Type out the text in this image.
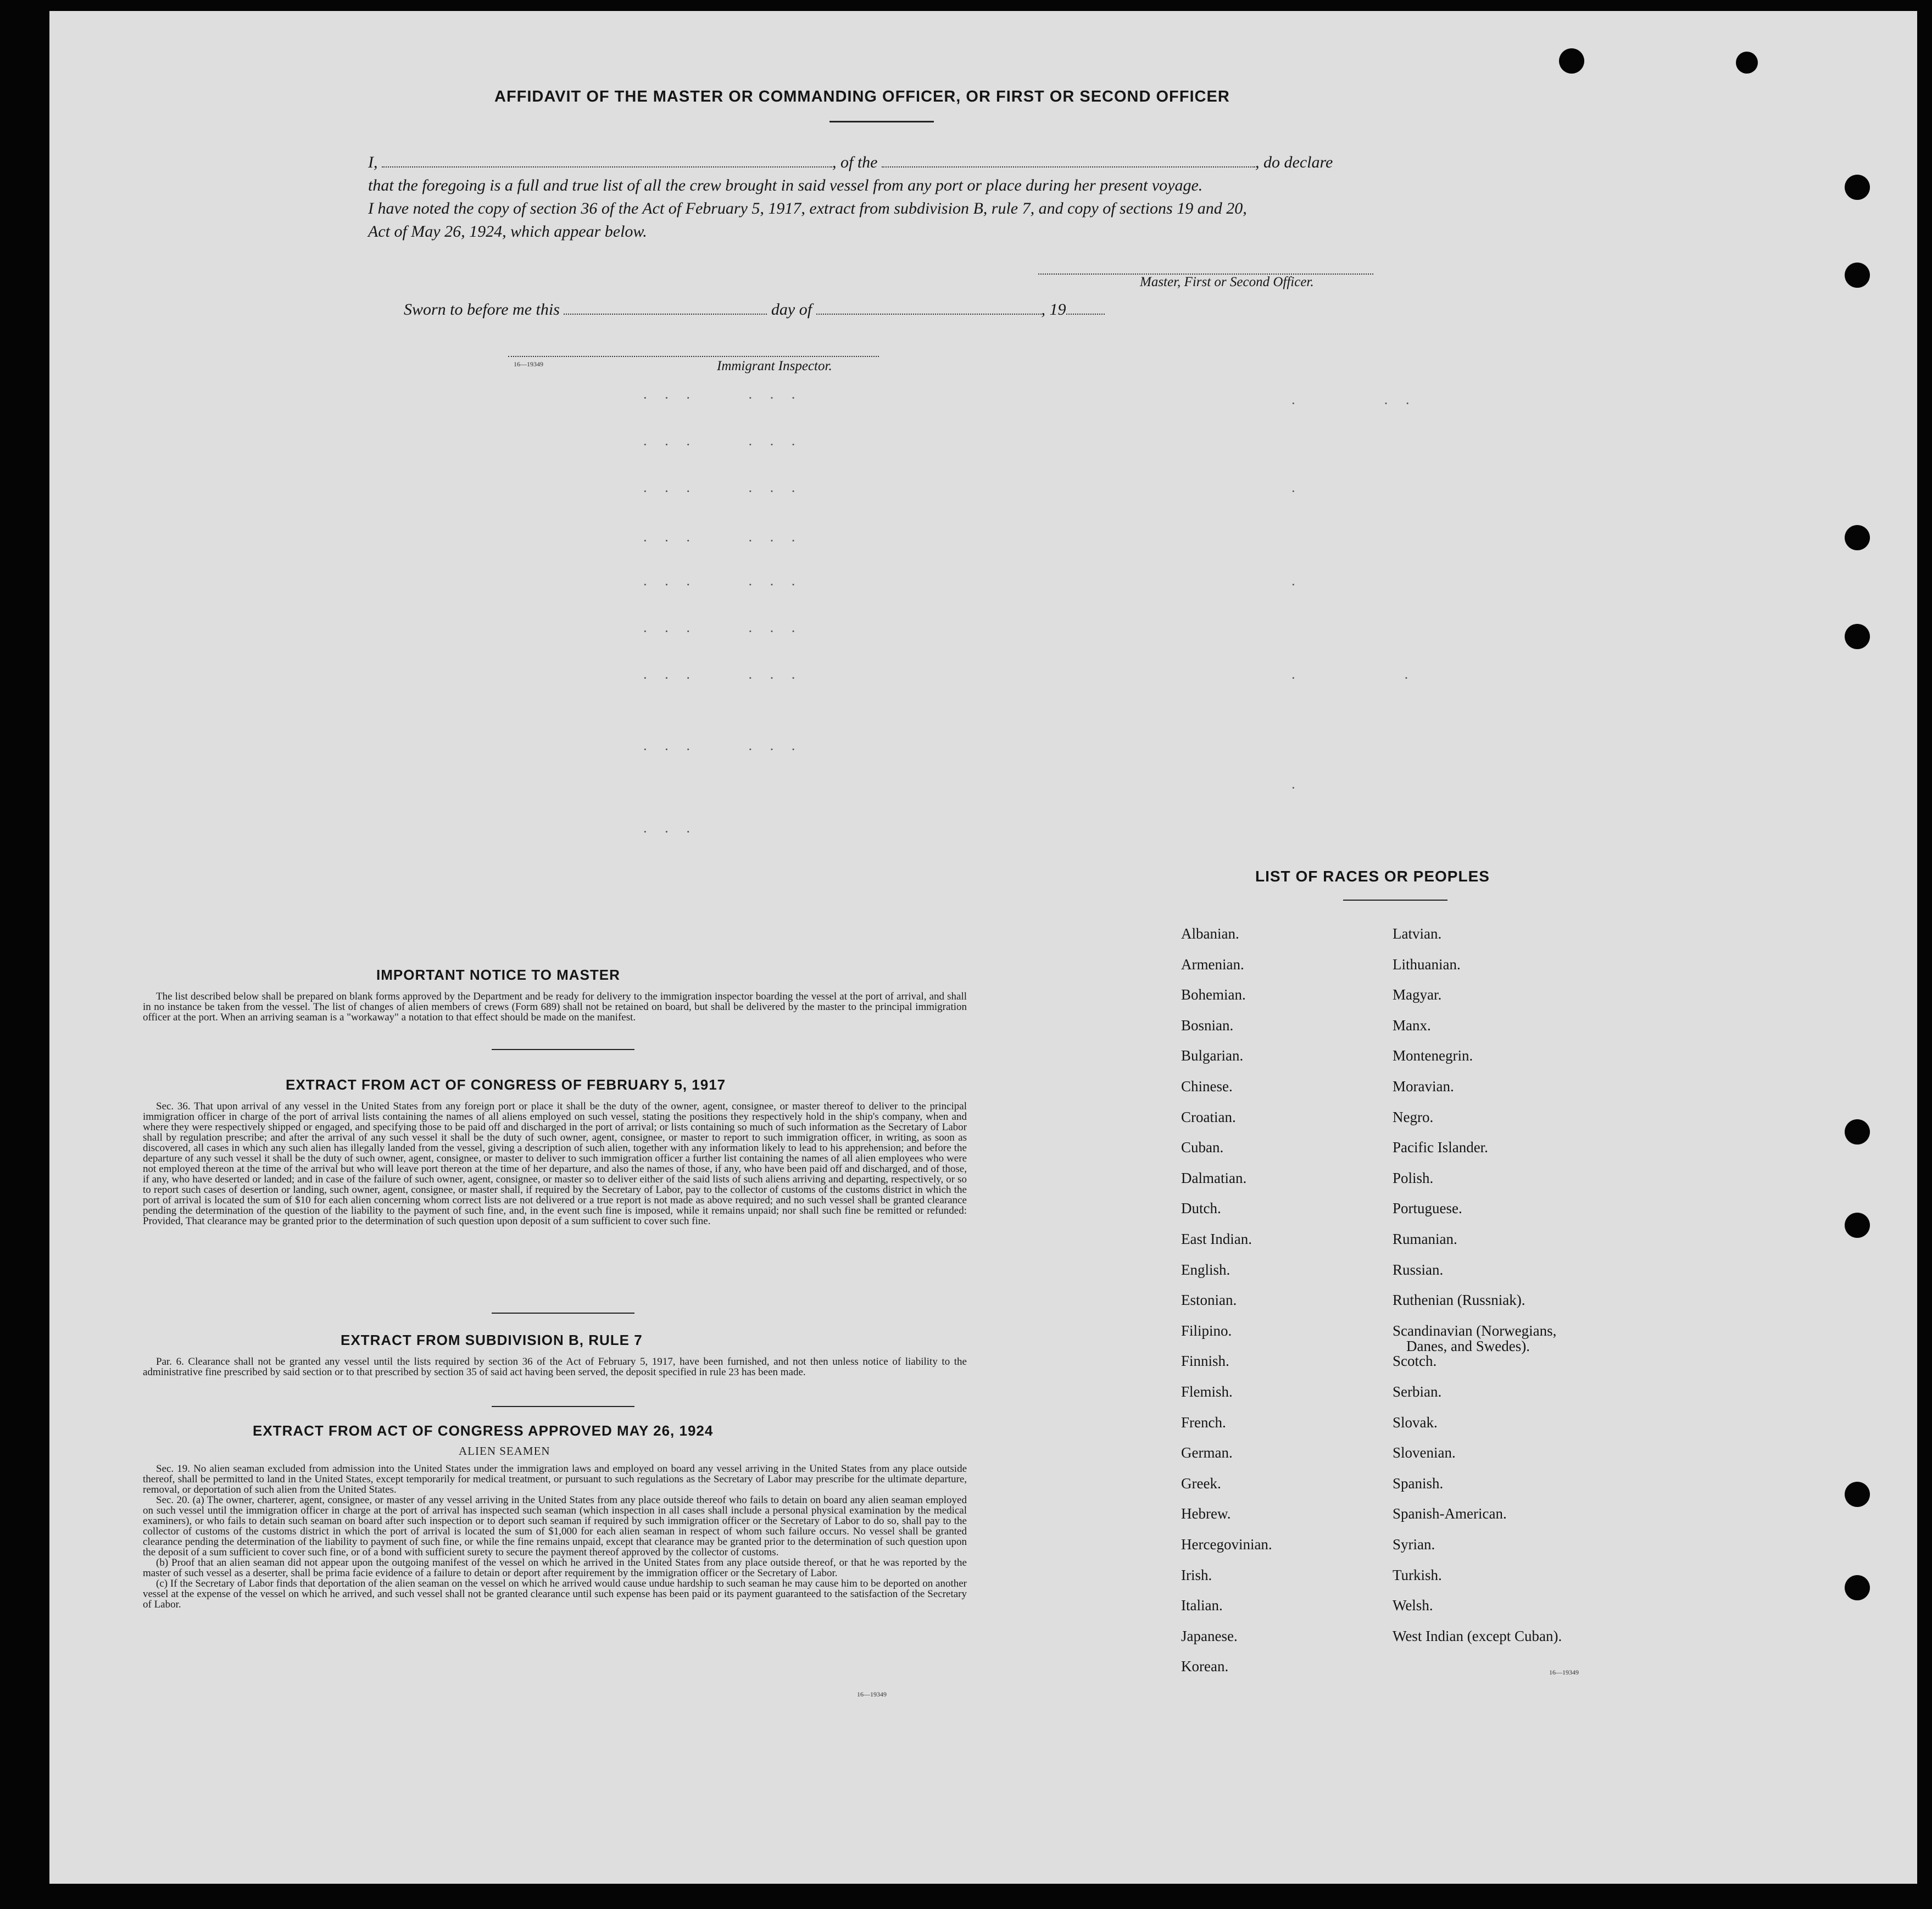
AFFIDAVIT OF THE MASTER OR COMMANDING OFFICER, OR FIRST OR SECOND OFFICER
I,	, of the	, do declare
that the foregoing is a full and true list of all the crew brought in said vessel from any port or place during her present voyage.
I have noted the copy of section 36 of the Act of February 5, 1917, extract from subdivision B, rule 7, and copy of sections 19 and 20,
Act of May 26, 1924, which appear below.
Master, First or Second Officer.
Sworn to before me this	day of	, 19
16—19349	Immigrant Inspector.
· · ·     · · ·
· · ·     · · ·
· · ·     · · ·
· · ·     · · ·
· · ·     · · ·
· · ·     · · ·
· · ·     · · ·
· · ·     · · ·
· · ·
·        · ·
·
·
·          ·
·
IMPORTANT NOTICE TO MASTER

The list described below shall be prepared on blank forms approved by the Department and be ready for delivery to the immigration inspector boarding the vessel at the port of arrival, and shall in no instance be taken from the vessel. The list of changes of alien members of crews (Form 689) shall not be retained on board, but shall be delivered by the master to the principal immigration officer at the port. When an arriving seaman is a "workaway" a notation to that effect should be made on the manifest.

EXTRACT FROM ACT OF CONGRESS OF FEBRUARY 5, 1917

Sec. 36. That upon arrival of any vessel in the United States from any foreign port or place it shall be the duty of the owner, agent, consignee, or master thereof to deliver to the principal immigration officer in charge of the port of arrival lists containing the names of all aliens employed on such vessel, stating the positions they respectively hold in the ship's company, when and where they were respectively shipped or engaged, and specifying those to be paid off and discharged in the port of arrival; or lists containing so much of such information as the Secretary of Labor shall by regulation prescribe; and after the arrival of any such vessel it shall be the duty of such owner, agent, consignee, or master to report to such immigration officer, in writing, as soon as discovered, all cases in which any such alien has illegally landed from the vessel, giving a description of such alien, together with any information likely to lead to his apprehension; and before the departure of any such vessel it shall be the duty of such owner, agent, consignee, or master to deliver to such immigration officer a further list containing the names of all alien employees who were not employed thereon at the time of the arrival but who will leave port thereon at the time of her departure, and also the names of those, if any, who have been paid off and discharged, and of those, if any, who have deserted or landed; and in case of the failure of such owner, agent, consignee, or master so to deliver either of the said lists of such aliens arriving and departing, respectively, or so to report such cases of desertion or landing, such owner, agent, consignee, or master shall, if required by the Secretary of Labor, pay to the collector of customs of the customs district in which the port of arrival is located the sum of $10 for each alien concerning whom correct lists are not delivered or a true report is not made as above required; and no such vessel shall be granted clearance pending the determination of the question of the liability to the payment of such fine, and, in the event such fine is imposed, while it remains unpaid; nor shall such fine be remitted or refunded: Provided, That clearance may be granted prior to the determination of such question upon deposit of a sum sufficient to cover such fine.

EXTRACT FROM SUBDIVISION B, RULE 7

Par. 6. Clearance shall not be granted any vessel until the lists required by section 36 of the Act of February 5, 1917, have been furnished, and not then unless notice of liability to the administrative fine prescribed by said section or to that prescribed by section 35 of said act having been served, the deposit specified in rule 23 has been made.

EXTRACT FROM ACT OF CONGRESS APPROVED MAY 26, 1924
ALIEN SEAMEN

Sec. 19. No alien seaman excluded from admission into the United States under the immigration laws and employed on board any vessel arriving in the United States from any place outside thereof, shall be permitted to land in the United States, except temporarily for medical treatment, or pursuant to such regulations as the Secretary of Labor may prescribe for the ultimate departure, removal, or deportation of such alien from the United States.

Sec. 20. (a) The owner, charterer, agent, consignee, or master of any vessel arriving in the United States from any place outside thereof who fails to detain on board any alien seaman employed on such vessel until the immigration officer in charge at the port of arrival has inspected such seaman (which inspection in all cases shall include a personal physical examination by the medical examiners), or who fails to detain such seaman on board after such inspection or to deport such seaman if required by such immigration officer or the Secretary of Labor to do so, shall pay to the collector of customs of the customs district in which the port of arrival is located the sum of $1,000 for each alien seaman in respect of whom such failure occurs. No vessel shall be granted clearance pending the determination of the liability to payment of such fine, or while the fine remains unpaid, except that clearance may be granted prior to the determination of such question upon the deposit of a sum sufficient to cover such fine, or of a bond with sufficient surety to secure the payment thereof approved by the collector of customs.

(b) Proof that an alien seaman did not appear upon the outgoing manifest of the vessel on which he arrived in the United States from any place outside thereof, or that he was reported by the master of such vessel as a deserter, shall be prima facie evidence of a failure to detain or deport after requirement by the immigration officer or the Secretary of Labor.

(c) If the Secretary of Labor finds that deportation of the alien seaman on the vessel on which he arrived would cause undue hardship to such seaman he may cause him to be deported on another vessel at the expense of the vessel on which he arrived, and such vessel shall not be granted clearance until such expense has been paid or its payment guaranteed to the satisfaction of the Secretary of Labor.

16—19349
LIST OF RACES OR PEOPLES
Albanian.
Armenian.
Bohemian.
Bosnian.
Bulgarian.
Chinese.
Croatian.
Cuban.
Dalmatian.
Dutch.
East Indian.
English.
Estonian.
Filipino.
Finnish.
Flemish.
French.
German.
Greek.
Hebrew.
Hercegovinian.
Irish.
Italian.
Japanese.
Korean.
Latvian.
Lithuanian.
Magyar.
Manx.
Montenegrin.
Moravian.
Negro.
Pacific Islander.
Polish.
Portuguese.
Rumanian.
Russian.
Ruthenian (Russniak).
Scandinavian (Norwegians,
Danes, and Swedes).
Scotch.
Serbian.
Slovak.
Slovenian.
Spanish.
Spanish-American.
Syrian.
Turkish.
Welsh.
West Indian (except Cuban).
16—19349
